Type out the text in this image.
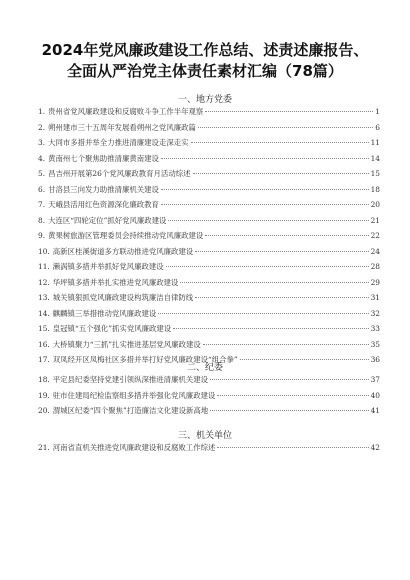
2024年党风廉政建设工作总结、述责述廉报告、
全面从严治党主体责任素材汇编（78篇）
一、地方党委
1. 贵州省党风廉政建设和反腐败斗争工作半年观察	1
2. 朔州建市三十五周年发展看朔州之党风廉政篇	6
3. 大同市多措并举全力推进清廉建设走深走实	11
4. 黄南州七个聚焦助推清廉黄南建设	14
5. 昌吉州开展第26个党风廉政教育月活动综述	15
6. 甘洛县三向发力助推清廉机关建设	18
7. 天峨县活用红色资源深化廉政教育	20
8. 大连区“四轮定位”抓好党风廉政建设	21
9. 黄果树旅游区管理委员会持续推动党风廉政建设	22
10. 高新区桂溪街道多方联动推进党风廉政建设	24
11. 濑涡镇多措并举抓好党风廉政建设	28
12. 华坪镇多措并举扎实推进党风廉政建设	29
13. 城关镇狠抓党风廉政建设构筑廉洁自律防线	31
14. 麒麟镇三举措推动党风廉政建设	32
15. 皇冠镇“五个强化”抓实党风廉政建设	33
16. 大桥镇聚力“三抓”扎实推进基层党风廉政建设	35
17. 双凤经开区凤梅社区多措并举打好党风廉政建设“组合拳”	36
二、纪委
18. 平定县纪委坚持党建引领纵深推进清廉机关建设	37
19. 驻市住建局纪检监察组多措并举强化党风廉政建设	40
20. 渭城区纪委“四个聚焦”打造廉洁文化建设新高地	41
三、机关单位
21. 河南省直机关推进党风廉政建设和反腐败工作综述	42
